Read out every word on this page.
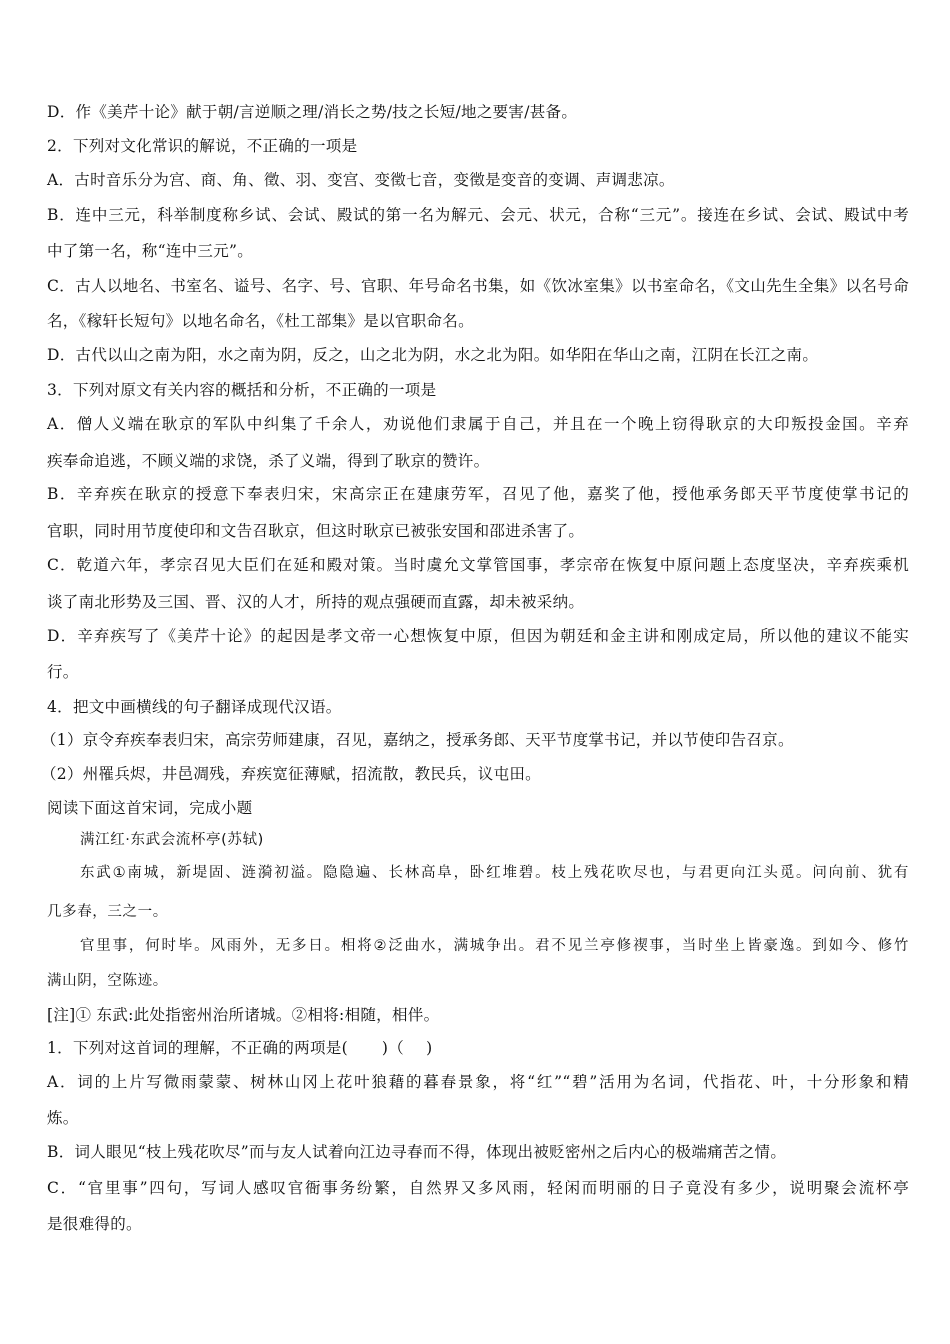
D．作《美芹十论》献于朝/言逆顺之理/消长之势/技之长短/地之要害/甚备。
2．下列对文化常识的解说，不正确的一项是
A．古时音乐分为宫、商、角、徵、羽、变宫、变徵七音，变徵是变音的变调、声调悲凉。
B．连中三元，科举制度称乡试、会试、殿试的第一名为解元、会元、状元，合称“三元”。接连在乡试、会试、殿试中考
中了第一名，称“连中三元”。
C．古人以地名、书室名、谥号、名字、号、官职、年号命名书集，如《饮冰室集》以书室命名，《文山先生全集》以名号命
名，《稼轩长短句》以地名命名，《杜工部集》是以官职命名。
D．古代以山之南为阳，水之南为阴，反之，山之北为阴，水之北为阳。如华阳在华山之南，江阴在长江之南。
3．下列对原文有关内容的概括和分析，不正确的一项是
A．僧人义端在耿京的军队中纠集了千余人，劝说他们隶属于自己，并且在一个晚上窃得耿京的大印叛投金国。辛弃
疾奉命追逃，不顾义端的求饶，杀了义端，得到了耿京的赞许。
B．辛弃疾在耿京的授意下奉表归宋，宋高宗正在建康劳军，召见了他，嘉奖了他，授他承务郎天平节度使掌书记的
官职，同时用节度使印和文告召耿京，但这时耿京已被张安国和邵进杀害了。
C．乾道六年，孝宗召见大臣们在延和殿对策。当时虞允文掌管国事，孝宗帝在恢复中原问题上态度坚决，辛弃疾乘机
谈了南北形势及三国、晋、汉的人才，所持的观点强硬而直露，却未被采纳。
D．辛弃疾写了《美芹十论》的起因是孝文帝一心想恢复中原，但因为朝廷和金主讲和刚成定局，所以他的建议不能实
行。
4．把文中画横线的句子翻译成现代汉语。
（1）京令弃疾奉表归宋，高宗劳师建康，召见，嘉纳之，授承务郎、天平节度掌书记，并以节使印告召京。
（2）州罹兵烬，井邑凋残，弃疾宽征薄赋，招流散，教民兵，议屯田。
阅读下面这首宋词，完成小题
满江红·东武会流杯亭(苏轼)
东武①南城，新堤固、涟漪初溢。隐隐遍、长林高阜，卧红堆碧。枝上残花吹尽也，与君更向江头觅。问向前、犹有
几多春，三之一。
官里事，何时毕。风雨外，无多日。相将②泛曲水，满城争出。君不见兰亭修禊事，当时坐上皆豪逸。到如今、修竹
满山阴，空陈迹。
[注]① 东武:此处指密州治所诸城。②相将:相随，相伴。
1．下列对这首词的理解，不正确的两项是( )（ )
A．词的上片写微雨蒙蒙、树林山冈上花叶狼藉的暮春景象，将“红”“碧”活用为名词，代指花、叶，十分形象和精
炼。
B．词人眼见“枝上残花吹尽”而与友人试着向江边寻春而不得，体现出被贬密州之后内心的极端痛苦之情。
C．“官里事”四句，写词人感叹官衙事务纷繁，自然界又多风雨，轻闲而明丽的日子竟没有多少，说明聚会流杯亭
是很难得的。
